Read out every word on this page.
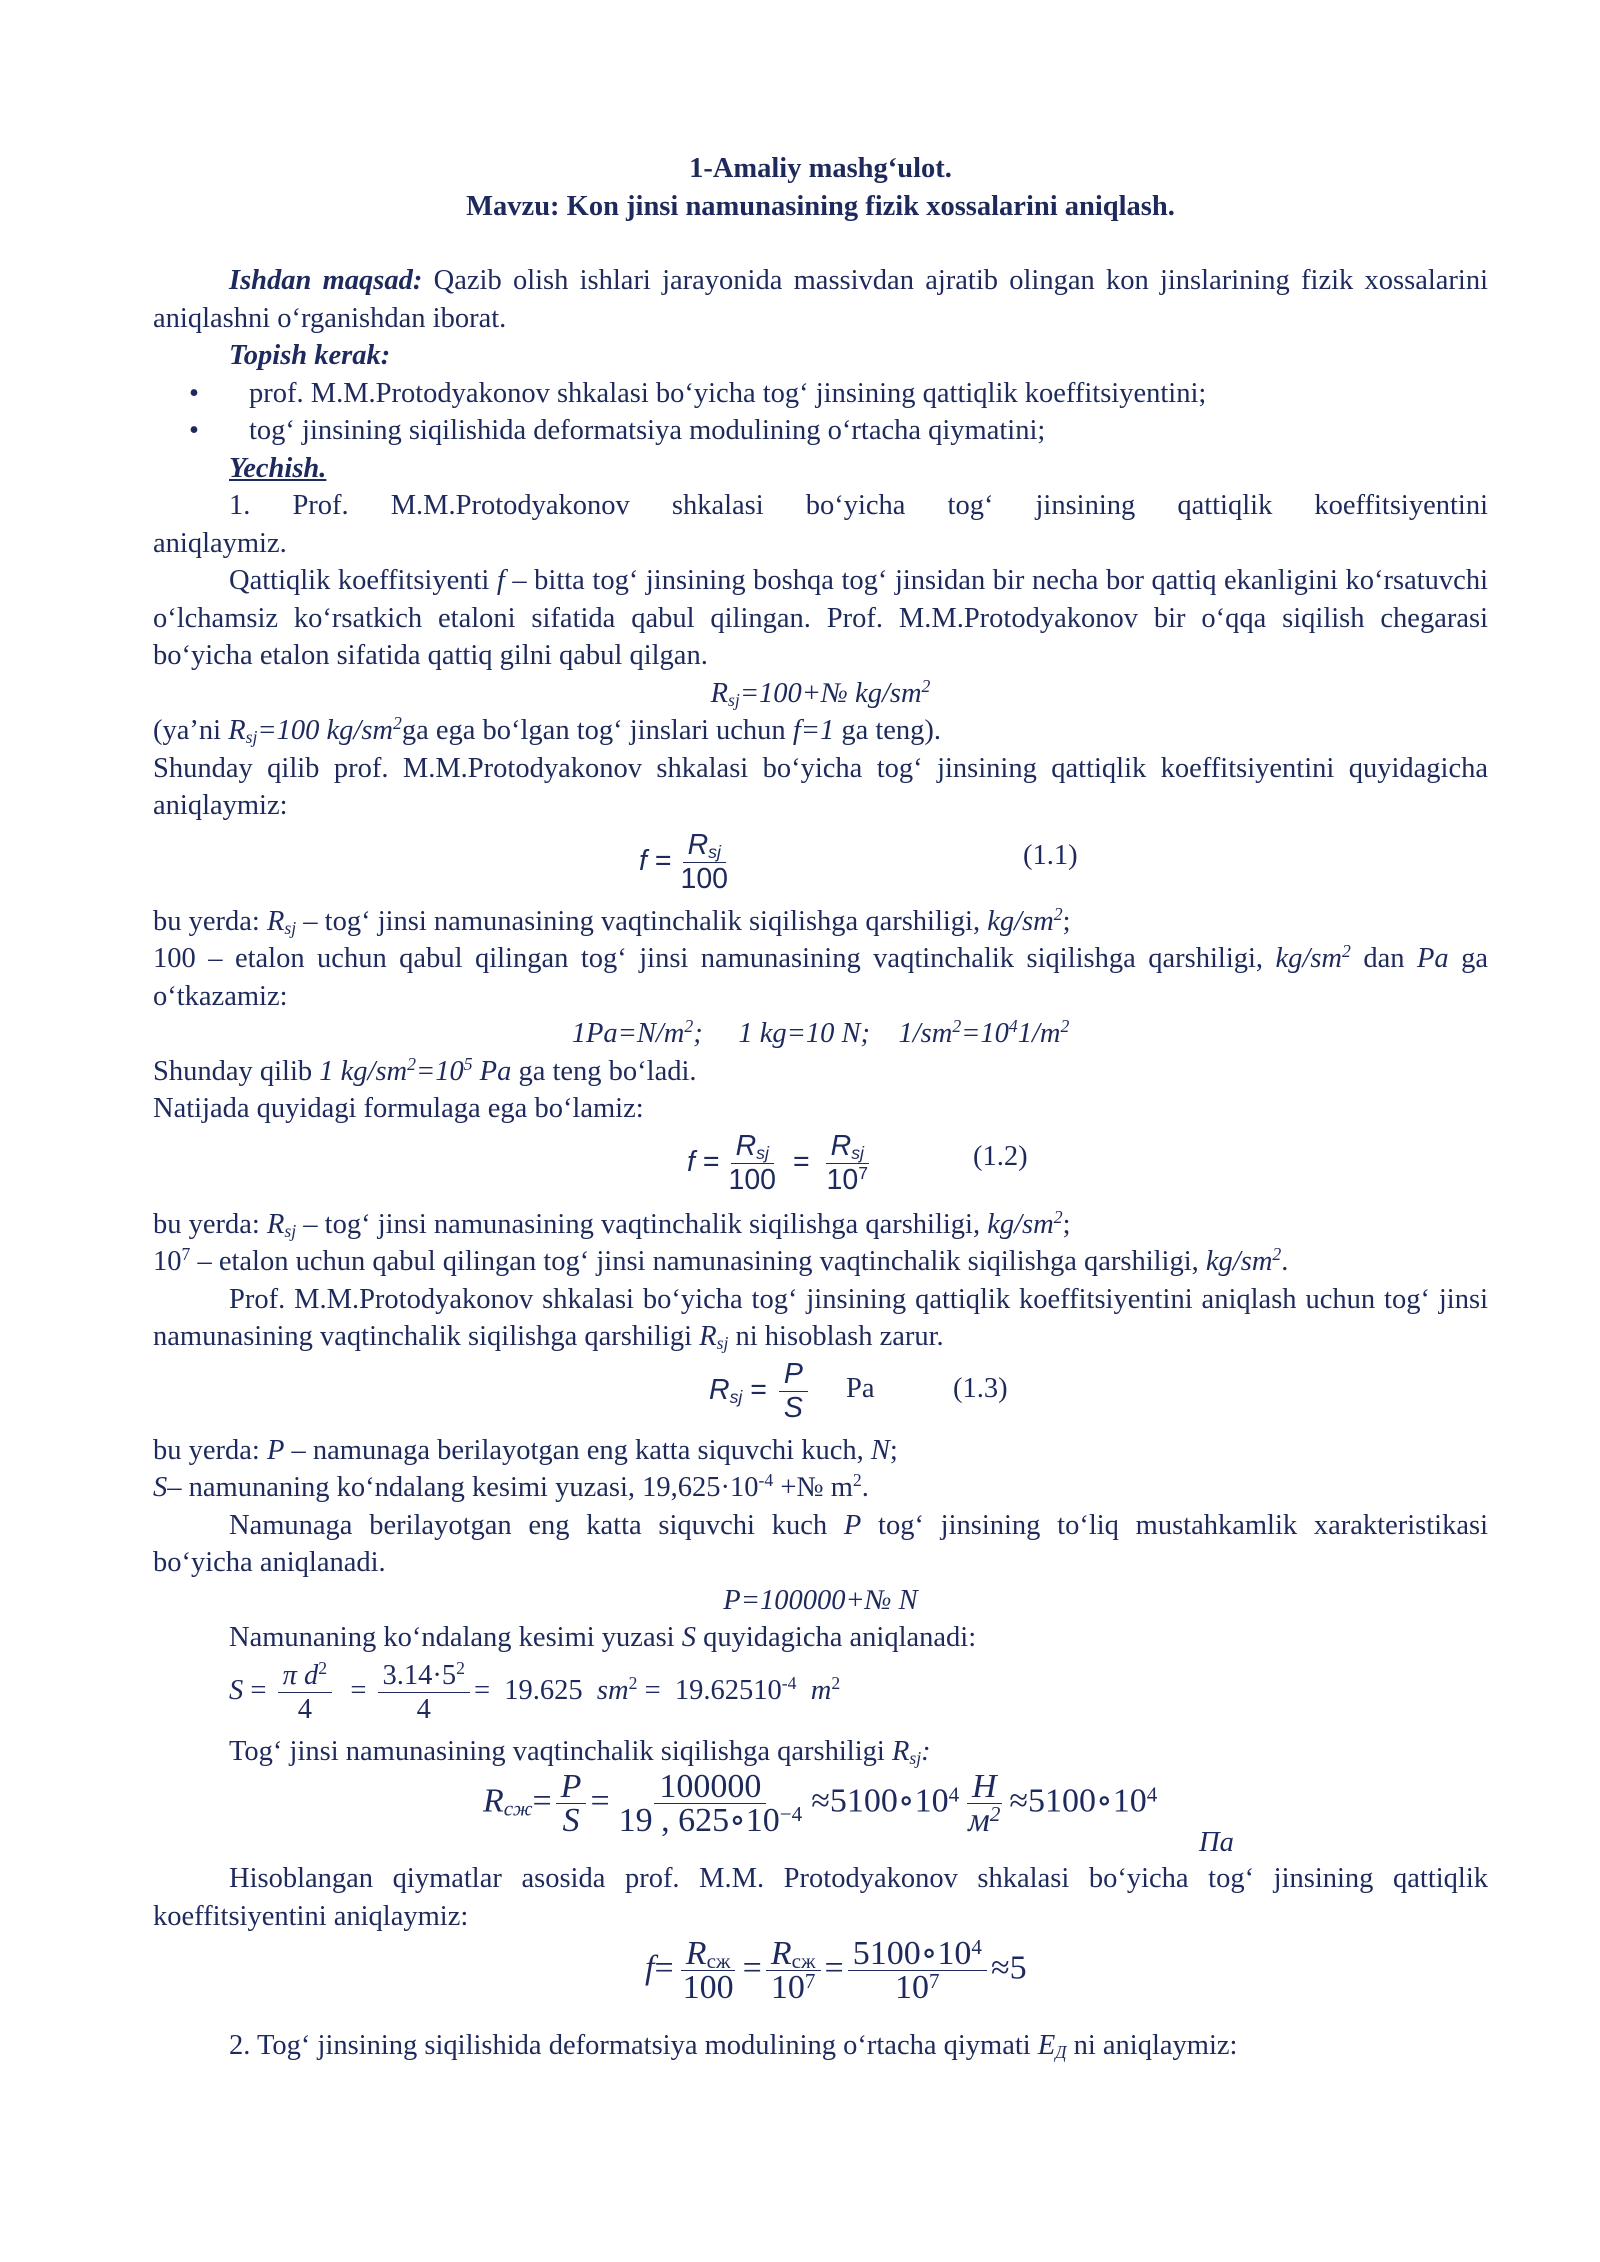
1-Amaliy mashg‘ulot.
Mavzu: Kon jinsi namunasining fizik xossalarini aniqlash.
Ishdan maqsad: Qazib olish ishlari jarayonida massivdan ajratib olingan kon jinslarining fizik xossalarini aniqlashni o‘rganishdan iborat.
Topish kerak:
• prof. M.M.Protodyakonov shkalasi bo‘yicha tog‘ jinsining qattiqlik koeffitsiyentini;
• tog‘ jinsining siqilishida deformatsiya modulining o‘rtacha qiymatini;
Yechish.
1. Prof. M.M.Protodyakonov shkalasi bo‘yicha tog‘ jinsining qattiqlik koeffitsiyentini aniqlaymiz.
Qattiqlik koeffitsiyenti f – bitta tog‘ jinsining boshqa tog‘ jinsidan bir necha bor qattiq ekanligini ko‘rsatuvchi o‘lchamsiz ko‘rsatkich etaloni sifatida qabul qilingan. Prof. M.M.Protodyakonov bir o‘qqa siqilish chegarasi bo‘yicha etalon sifatida qattiq gilni qabul qilgan.
$R_{sj}=100+№$ $kg/sm^2$
(ya’ni $R_{sj}=100$ $kg/sm^2ga$ ega bo‘lgan tog‘ jinslari uchun f=1 ga teng).
Shunday qilib prof. M.M.Protodyakonov shkalasi bo‘yicha tog‘ jinsining qattiqlik koeffitsiyentini quyidagicha aniqlaymiz:
$f = \frac{R_{sj}}{100}$	(1.1)
bu yerda: $R_{sj}$ – tog‘ jinsi namunasining vaqtinchalik siqilishga qarshiligi, $kg/sm^2$;
100 – etalon uchun qabul qilingan tog‘ jinsi namunasining vaqtinchalik siqilishga qarshiligi, $kg/sm^2$ dan Pa ga o‘tkazamiz:
$1Pa=N/m^2$;     1 kg=10 N;    $1/sm^2=10^41/m^2$
Shunday qilib 1 $kg/sm^2=10^5$ Pa ga teng bo‘ladi.
Natijada quyidagi formulaga ega bo‘lamiz:
$f = \frac{R_{sj}}{100} = \frac{R_{sj}}{10^7}$	(1.2)
bu yerda: $R_{sj}$ – tog‘ jinsi namunasining vaqtinchalik siqilishga qarshiligi, $kg/sm^2$;
$10^7$ – etalon uchun qabul qilingan tog‘ jinsi namunasining vaqtinchalik siqilishga qarshiligi, $kg/sm^2$.
Prof. M.M.Protodyakonov shkalasi bo‘yicha tog‘ jinsining qattiqlik koeffitsiyentini aniqlash uchun tog‘ jinsi namunasining vaqtinchalik siqilishga qarshiligi $R_{sj}$ ni hisoblash zarur.
$R_{sj} = \frac{P}{S}$ Pa	(1.3)
bu yerda: P – namunaga berilayotgan eng katta siquvchi kuch, N;
S– namunaning ko‘ndalang kesimi yuzasi, $19,625\cdot 10^{-4}$ +№ $m^2$.
Namunaga berilayotgan eng katta siquvchi kuch P tog‘ jinsining to‘liq mustahkamlik xarakteristikasi bo‘yicha aniqlanadi.
P=100000+№ N
Namunaning ko‘ndalang kesimi yuzasi S quyidagicha aniqlanadi:
$S = \frac{\pi d^2}{4} = \frac{3.14\cdot 5^2}{4} = 19.625$ $sm^2 = 19.62510^{-4}$ $m^2$
Tog‘ jinsi namunasining vaqtinchalik siqilishga qarshiligi $R_{sj}$:
$R_{сж}= \frac{P}{S} = \frac{100000}{19 , 625\circ 10^{-4}}$ $\approx 5100\circ 10^4 \frac{Н}{м^2}$ $\approx 5100\circ 10^4$
Па
Hisoblangan qiymatlar asosida prof. M.M. Protodyakonov shkalasi bo‘yicha tog‘ jinsining qattiqlik koeffitsiyentini aniqlaymiz:
$f= \frac{R_{сж}}{100} = \frac{R_{сж}}{10^7} = \frac{5100\circ 10^4}{10^7} \approx 5$
2. Tog‘ jinsining siqilishida deformatsiya modulining o‘rtacha qiymati $Е_Д$ ni aniqlaymiz:
